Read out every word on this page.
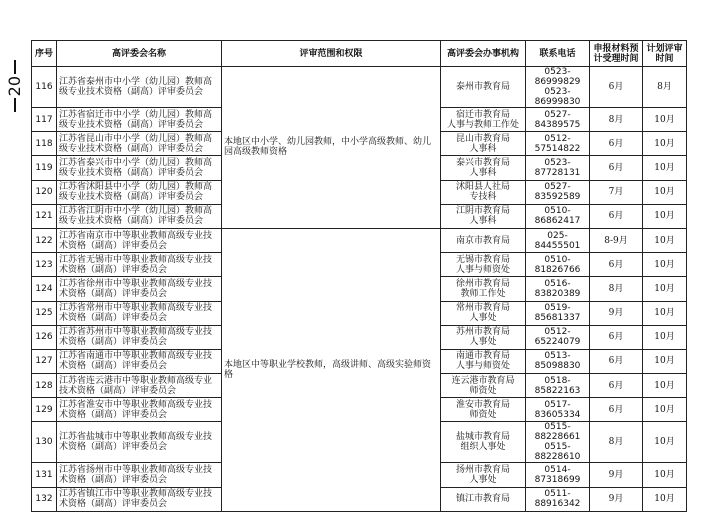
20
序号	高评委会名称	评审范围和权限	高评委会办事机构	联系电话	申报材料预计受理时间	计划评审时间
116	江苏省泰州市中小学（幼儿园）教师高级专业技术资格（副高）评审委员会	本地区中小学、幼儿园教师，中小学高级教师、幼儿园高级教师资格	泰州市教育局	0523-86999829
0523-86999830	6月	8月
117	江苏省宿迁市中小学（幼儿园）教师高级专业技术资格（副高）评审委员会		宿迁市教育局
人事与教师工作处	0527-84389575	8月	10月
118	江苏省昆山市中小学（幼儿园）教师高级专业技术资格（副高）评审委员会		昆山市教育局
人事科	0512-57514822	6月	10月
119	江苏省泰兴市中小学（幼儿园）教师高级专业技术资格（副高）评审委员会		泰兴市教育局
人事科	0523-87728131	6月	10月
120	江苏省沭阳县中小学（幼儿园）教师高级专业技术资格（副高）评审委员会		沭阳县人社局
专技科	0527-83592589	7月	10月
121	江苏省江阴市中小学（幼儿园）教师高级专业技术资格（副高）评审委员会		江阴市教育局
人事科	0510-86862417	6月	10月
122	江苏省南京市中等职业教师高级专业技术资格（副高）评审委员会	本地区中等职业学校教师，高级讲师、高级实验师资格	南京市教育局	025-84455501	8-9月	10月
123	江苏省无锡市中等职业教师高级专业技术资格（副高）评审委员会		无锡市教育局
人事与师资处	0510-81826766	6月	10月
124	江苏省徐州市中等职业教师高级专业技术资格（副高）评审委员会		徐州市教育局
教师工作处	0516-83820389	8月	10月
125	江苏省常州市中等职业教师高级专业技术资格（副高）评审委员会		常州市教育局
人事处	0519-85681337	9月	10月
126	江苏省苏州市中等职业教师高级专业技术资格（副高）评审委员会		苏州市教育局
人事处	0512-65224079	6月	10月
127	江苏省南通市中等职业教师高级专业技术资格（副高）评审委员会		南通市教育局
人事与师资处	0513-85098830	6月	10月
128	江苏省连云港市中等职业教师高级专业技术资格（副高）评审委员会		连云港市教育局
师资处	0518-85822163	6月	10月
129	江苏省淮安市中等职业教师高级专业技术资格（副高）评审委员会		淮安市教育局
师资处	0517-83605334	6月	10月
130	江苏省盐城市中等职业教师高级专业技术资格（副高）评审委员会		盐城市教育局
组织人事处	0515-88228661
0515-88228610	8月	10月
131	江苏省扬州市中等职业教师高级专业技术资格（副高）评审委员会		扬州市教育局
人事处	0514-87318699	9月	10月
132	江苏省镇江市中等职业教师高级专业技术资格（副高）评审委员会		镇江市教育局	0511-88916342	9月	10月
